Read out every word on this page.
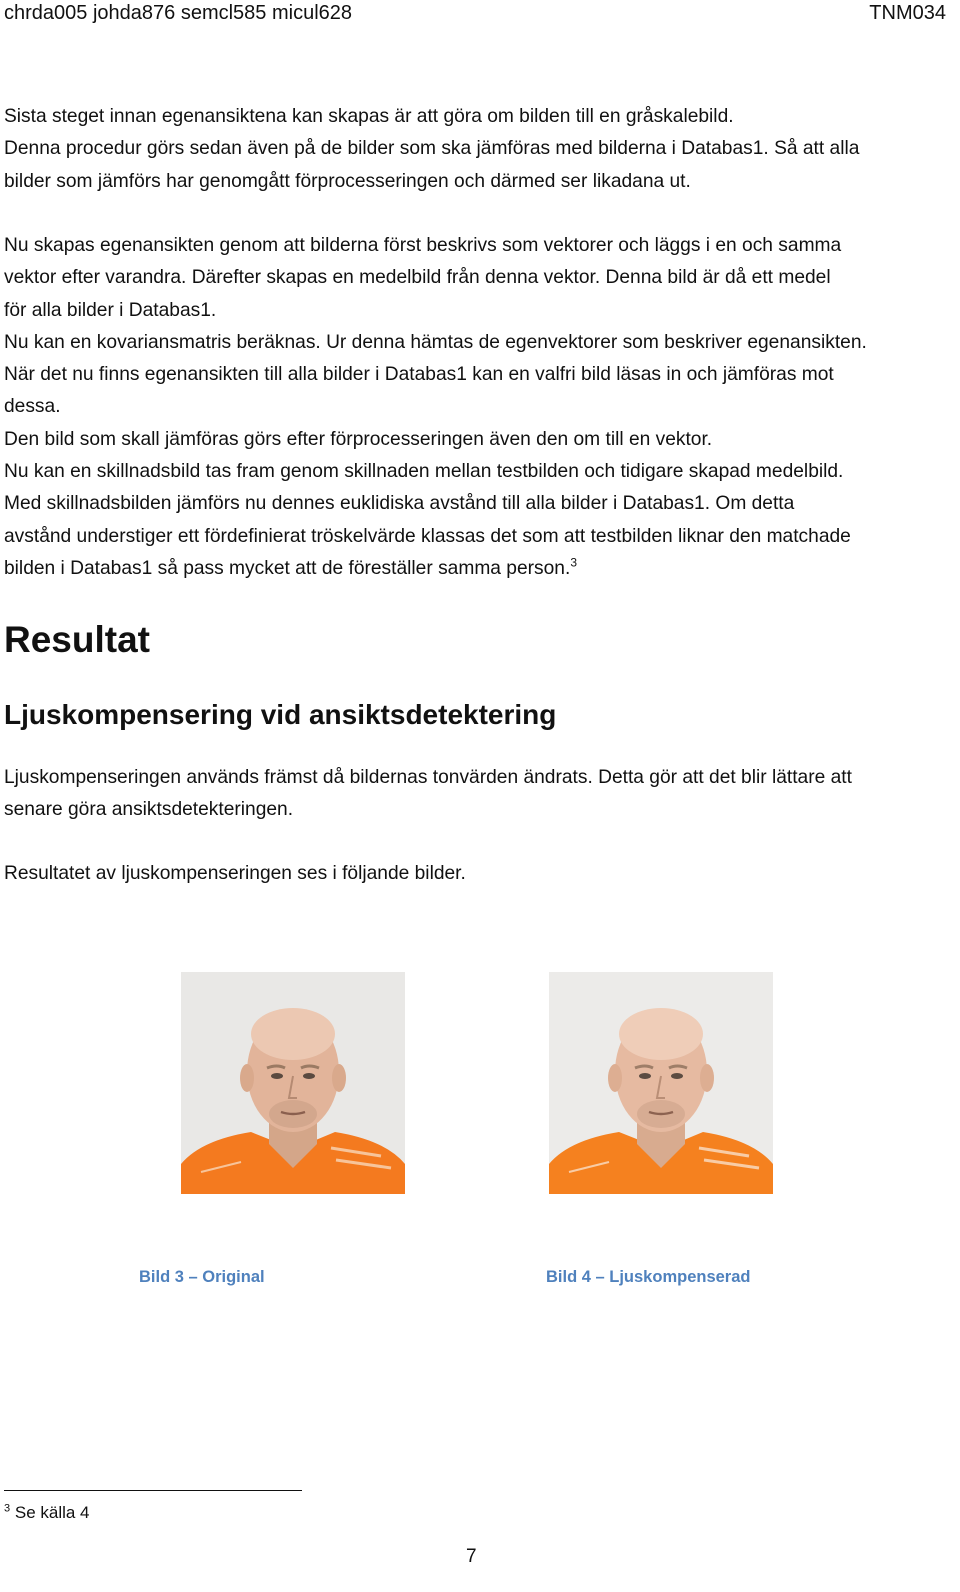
chrda005 johda876 semcl585 micul628	TNM034
Sista steget innan egenansiktena kan skapas är att göra om bilden till en gråskalebild.
Denna procedur görs sedan även på de bilder som ska jämföras med bilderna i Databas1. Så att alla
bilder som jämförs har genomgått förprocesseringen och därmed ser likadana ut.
Nu skapas egenansikten genom att bilderna först beskrivs som vektorer och läggs i en och samma
vektor efter varandra. Därefter skapas en medelbild från denna vektor. Denna bild är då ett medel
för alla bilder i Databas1.
Nu kan en kovariansmatris beräknas. Ur denna hämtas de egenvektorer som beskriver egenansikten.
När det nu finns egenansikten till alla bilder i Databas1 kan en valfri bild läsas in och jämföras mot
dessa.
Den bild som skall jämföras görs efter förprocesseringen även den om till en vektor.
Nu kan en skillnadsbild tas fram genom skillnaden mellan testbilden och tidigare skapad medelbild.
Med skillnadsbilden jämförs nu dennes euklidiska avstånd till alla bilder i Databas1. Om detta
avstånd understiger ett fördefinierat tröskelvärde klassas det som att testbilden liknar den matchade
bilden i Databas1 så pass mycket att de föreställer samma person.$^3$
Resultat
Ljuskompensering vid ansiktsdetektering
Ljuskompenseringen används främst då bildernas tonvärden ändrats. Detta gör att det blir lättare att
senare göra ansiktsdetekteringen.
Resultatet av ljuskompenseringen ses i följande bilder.
Bild 3 – Original	Bild 4 – Ljuskompenserad
$^3$ Se källa 4
7
